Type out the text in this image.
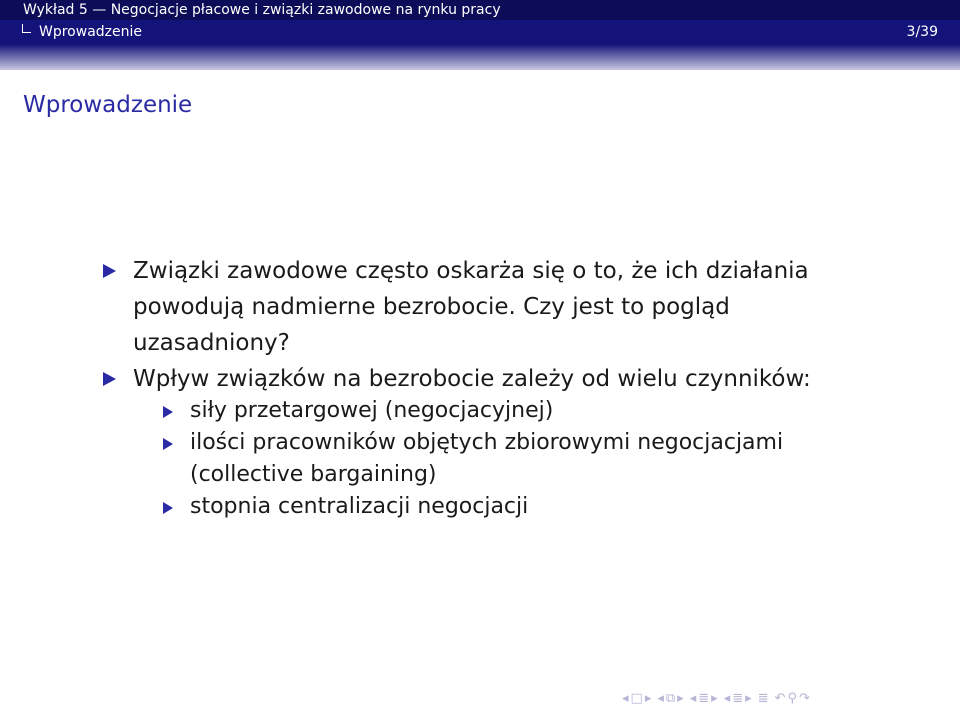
Wykład 5 — Negocjacje płacowe i związki zawodowe na rynku pracy
Wprowadzenie	3/39
Wprowadzenie
Związki zawodowe często oskarża się o to, że ich działania powodują nadmierne bezrobocie. Czy jest to pogląd uzasadniony?
Wpływ związków na bezrobocie zależy od wielu czynników:
siły przetargowej (negocjacyjnej)
ilości pracowników objętych zbiorowymi negocjacjami (collective bargaining)
stopnia centralizacji negocjacji
◂ □ ▸ ◂ ⧉ ▸ ◂ ≣ ▸ ◂ ≣ ▸ ≣ ↶ ⚲ ↷
